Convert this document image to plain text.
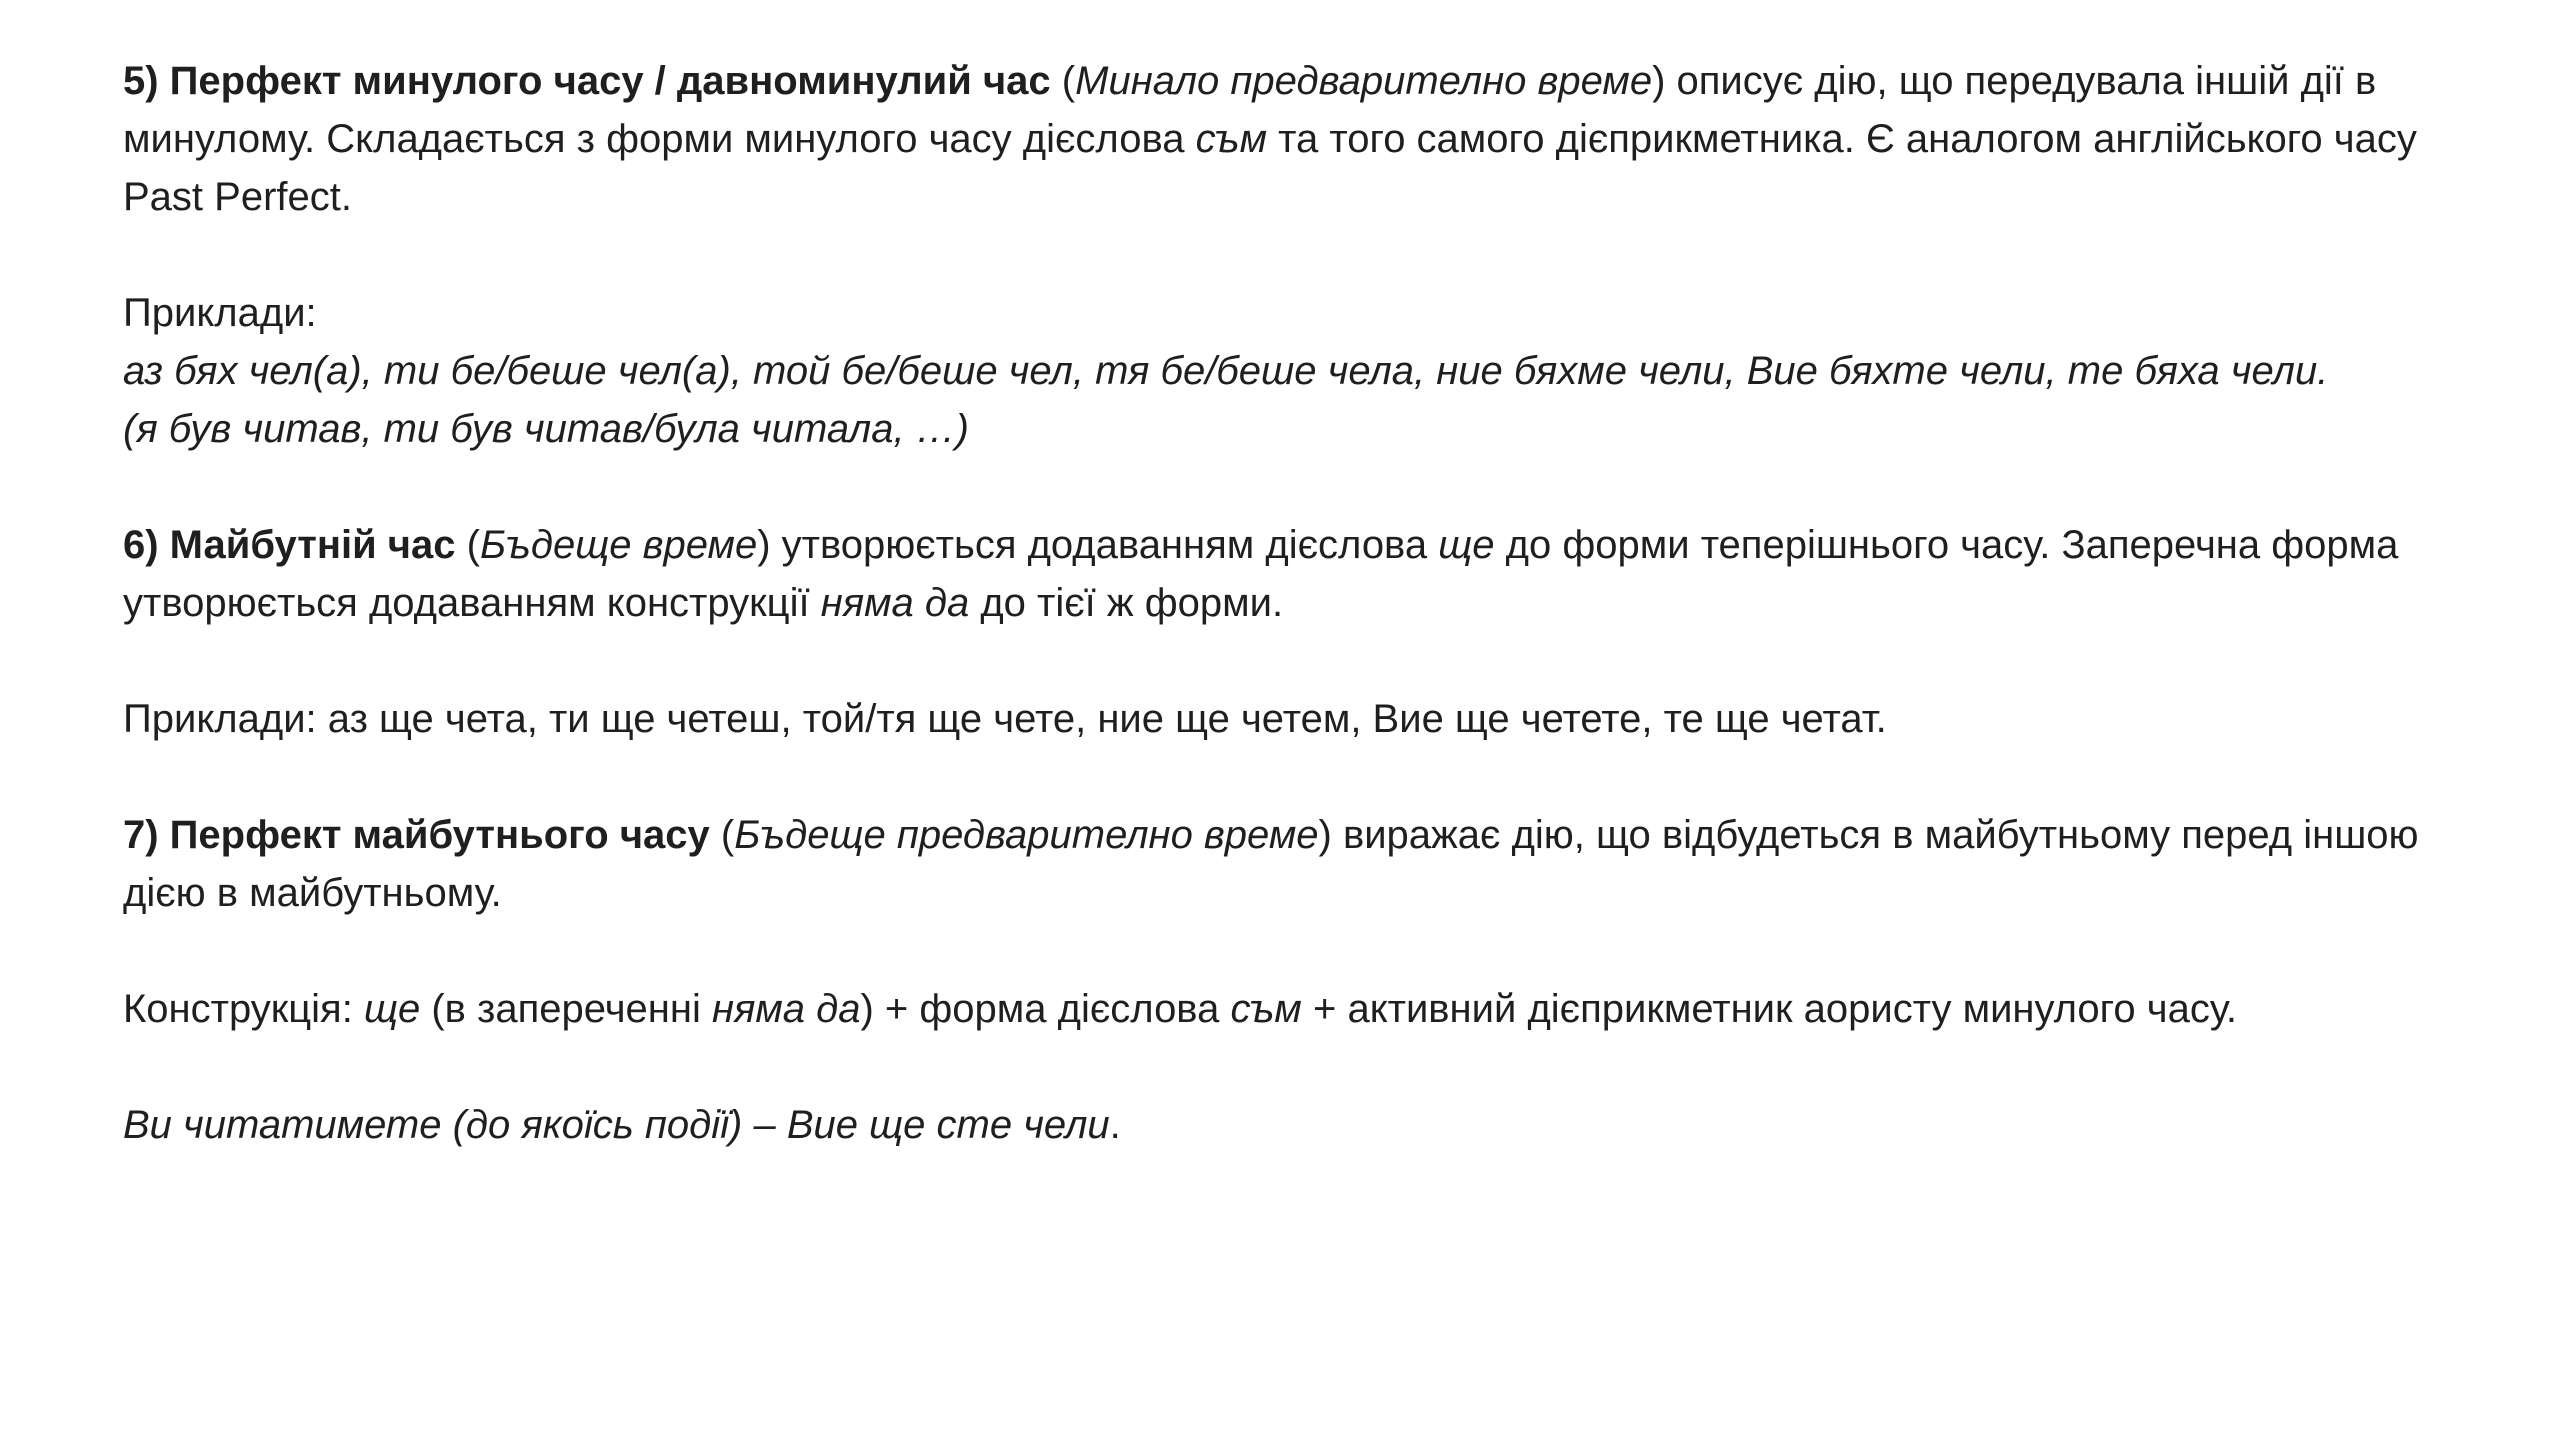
5) Перфект минулого часу / давноминулий час (Минало предварително време) описує дію, що передувала іншій дії в минулому. Складається з форми минулого часу дієслова съм та того самого дієприкметника. Є аналогом англійського часу Past Perfect.

Приклади:

аз бях чел(а), ти бе/беше чел(а), той бе/беше чел, тя бе/беше чела, ние бяхме чели, Вие бяхте чели, те бяха чели.

(я був читав, ти був читав/була читала, …)

6) Майбутній час (Бъдеще време) утворюється додаванням дієслова ще до форми теперішнього часу. Заперечна форма утворюється додаванням конструкції няма да до тієї ж форми.

Приклади: аз ще чета, ти ще четеш, той/тя ще чете, ние ще четем, Вие ще четете, те ще четат.

7) Перфект майбутнього часу (Бъдеще предварително време) виражає дію, що відбудеться в майбутньому перед іншою дією в майбутньому.

Конструкція: ще (в запереченні няма да) + форма дієслова съм + активний дієприкметник аористу минулого часу.

Ви читатимете (до якоїсь події) – Вие ще сте чели.
